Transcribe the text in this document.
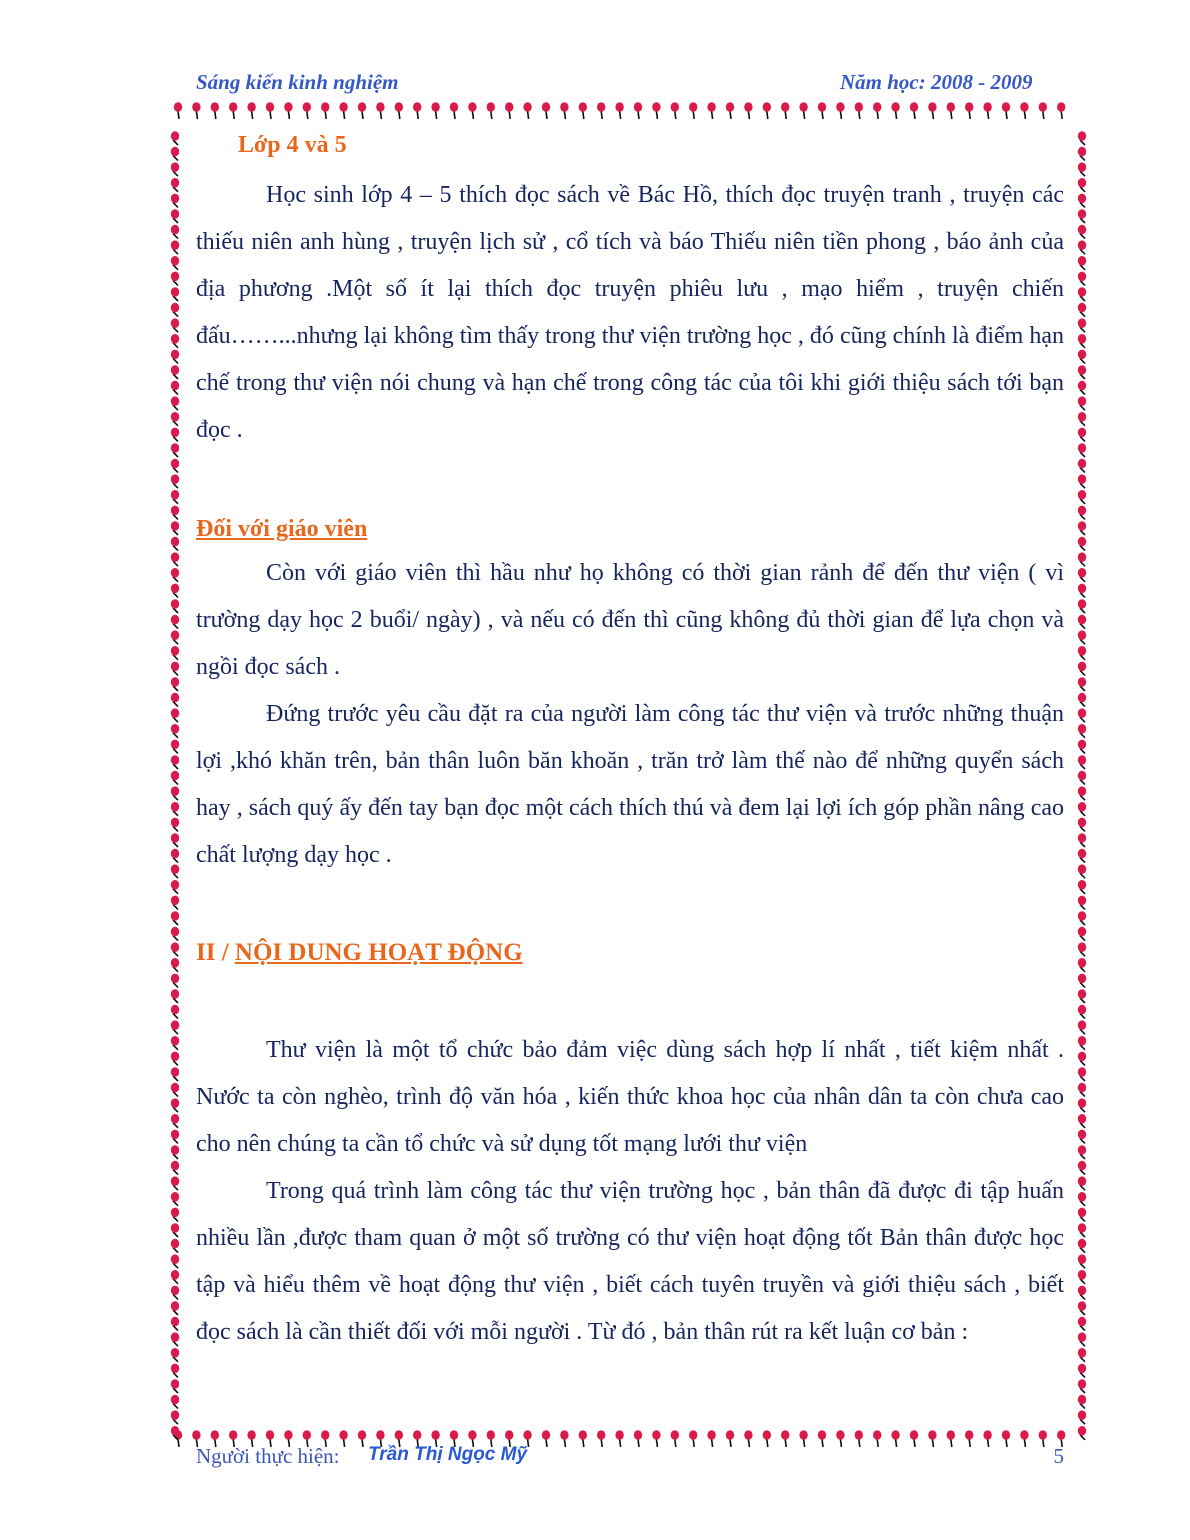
Sáng kiến kinh nghiệm	Năm học: 2008 - 2009
Lớp 4 và 5

Học sinh lớp 4 – 5 thích đọc sách về Bác Hồ, thích đọc truyện tranh , truyện các thiếu niên anh hùng , truyện lịch sử , cổ tích và báo Thiếu niên tiền phong , báo ảnh của địa phương .Một số ít lại thích đọc truyện phiêu lưu , mạo hiểm , truyện chiến đấu……...nhưng lại không tìm thấy trong thư viện trường học , đó cũng chính là điểm hạn chế trong thư viện nói chung và hạn chế trong công tác của tôi khi giới thiệu sách tới bạn đọc .

Đối với giáo viên

Còn với giáo viên thì hầu như họ không có thời gian rảnh để đến thư viện ( vì trường dạy học 2 buổi/ ngày) , và nếu có đến thì cũng không đủ thời gian để lựa chọn và ngồi đọc sách .

Đứng trước yêu cầu đặt ra của người làm công tác thư viện và trước những thuận lợi ,khó khăn trên, bản thân luôn băn khoăn , trăn trở làm thế nào để những quyển sách hay , sách quý ấy đến tay bạn đọc một cách thích thú và đem lại lợi ích góp phần nâng cao chất lượng dạy học .

II / NỘI DUNG HOẠT ĐỘNG

Thư viện là một tổ chức bảo đảm việc dùng sách hợp lí nhất , tiết kiệm nhất . Nước ta còn nghèo, trình độ văn hóa , kiến thức khoa học của nhân dân ta còn chưa cao cho nên chúng ta cần tổ chức và sử dụng tốt mạng lưới thư viện

Trong quá trình làm công tác thư viện trường học , bản thân đã được đi tập huấn nhiều lần ,được tham quan ở một số trường có thư viện hoạt động tốt Bản thân được học tập và hiểu thêm về hoạt động thư viện , biết cách tuyên truyền và giới thiệu sách , biết đọc sách là cần thiết đối với mỗi người . Từ đó , bản thân rút ra kết luận cơ bản :

Người thực hiện: Trần Thị Ngọc Mỹ	5
